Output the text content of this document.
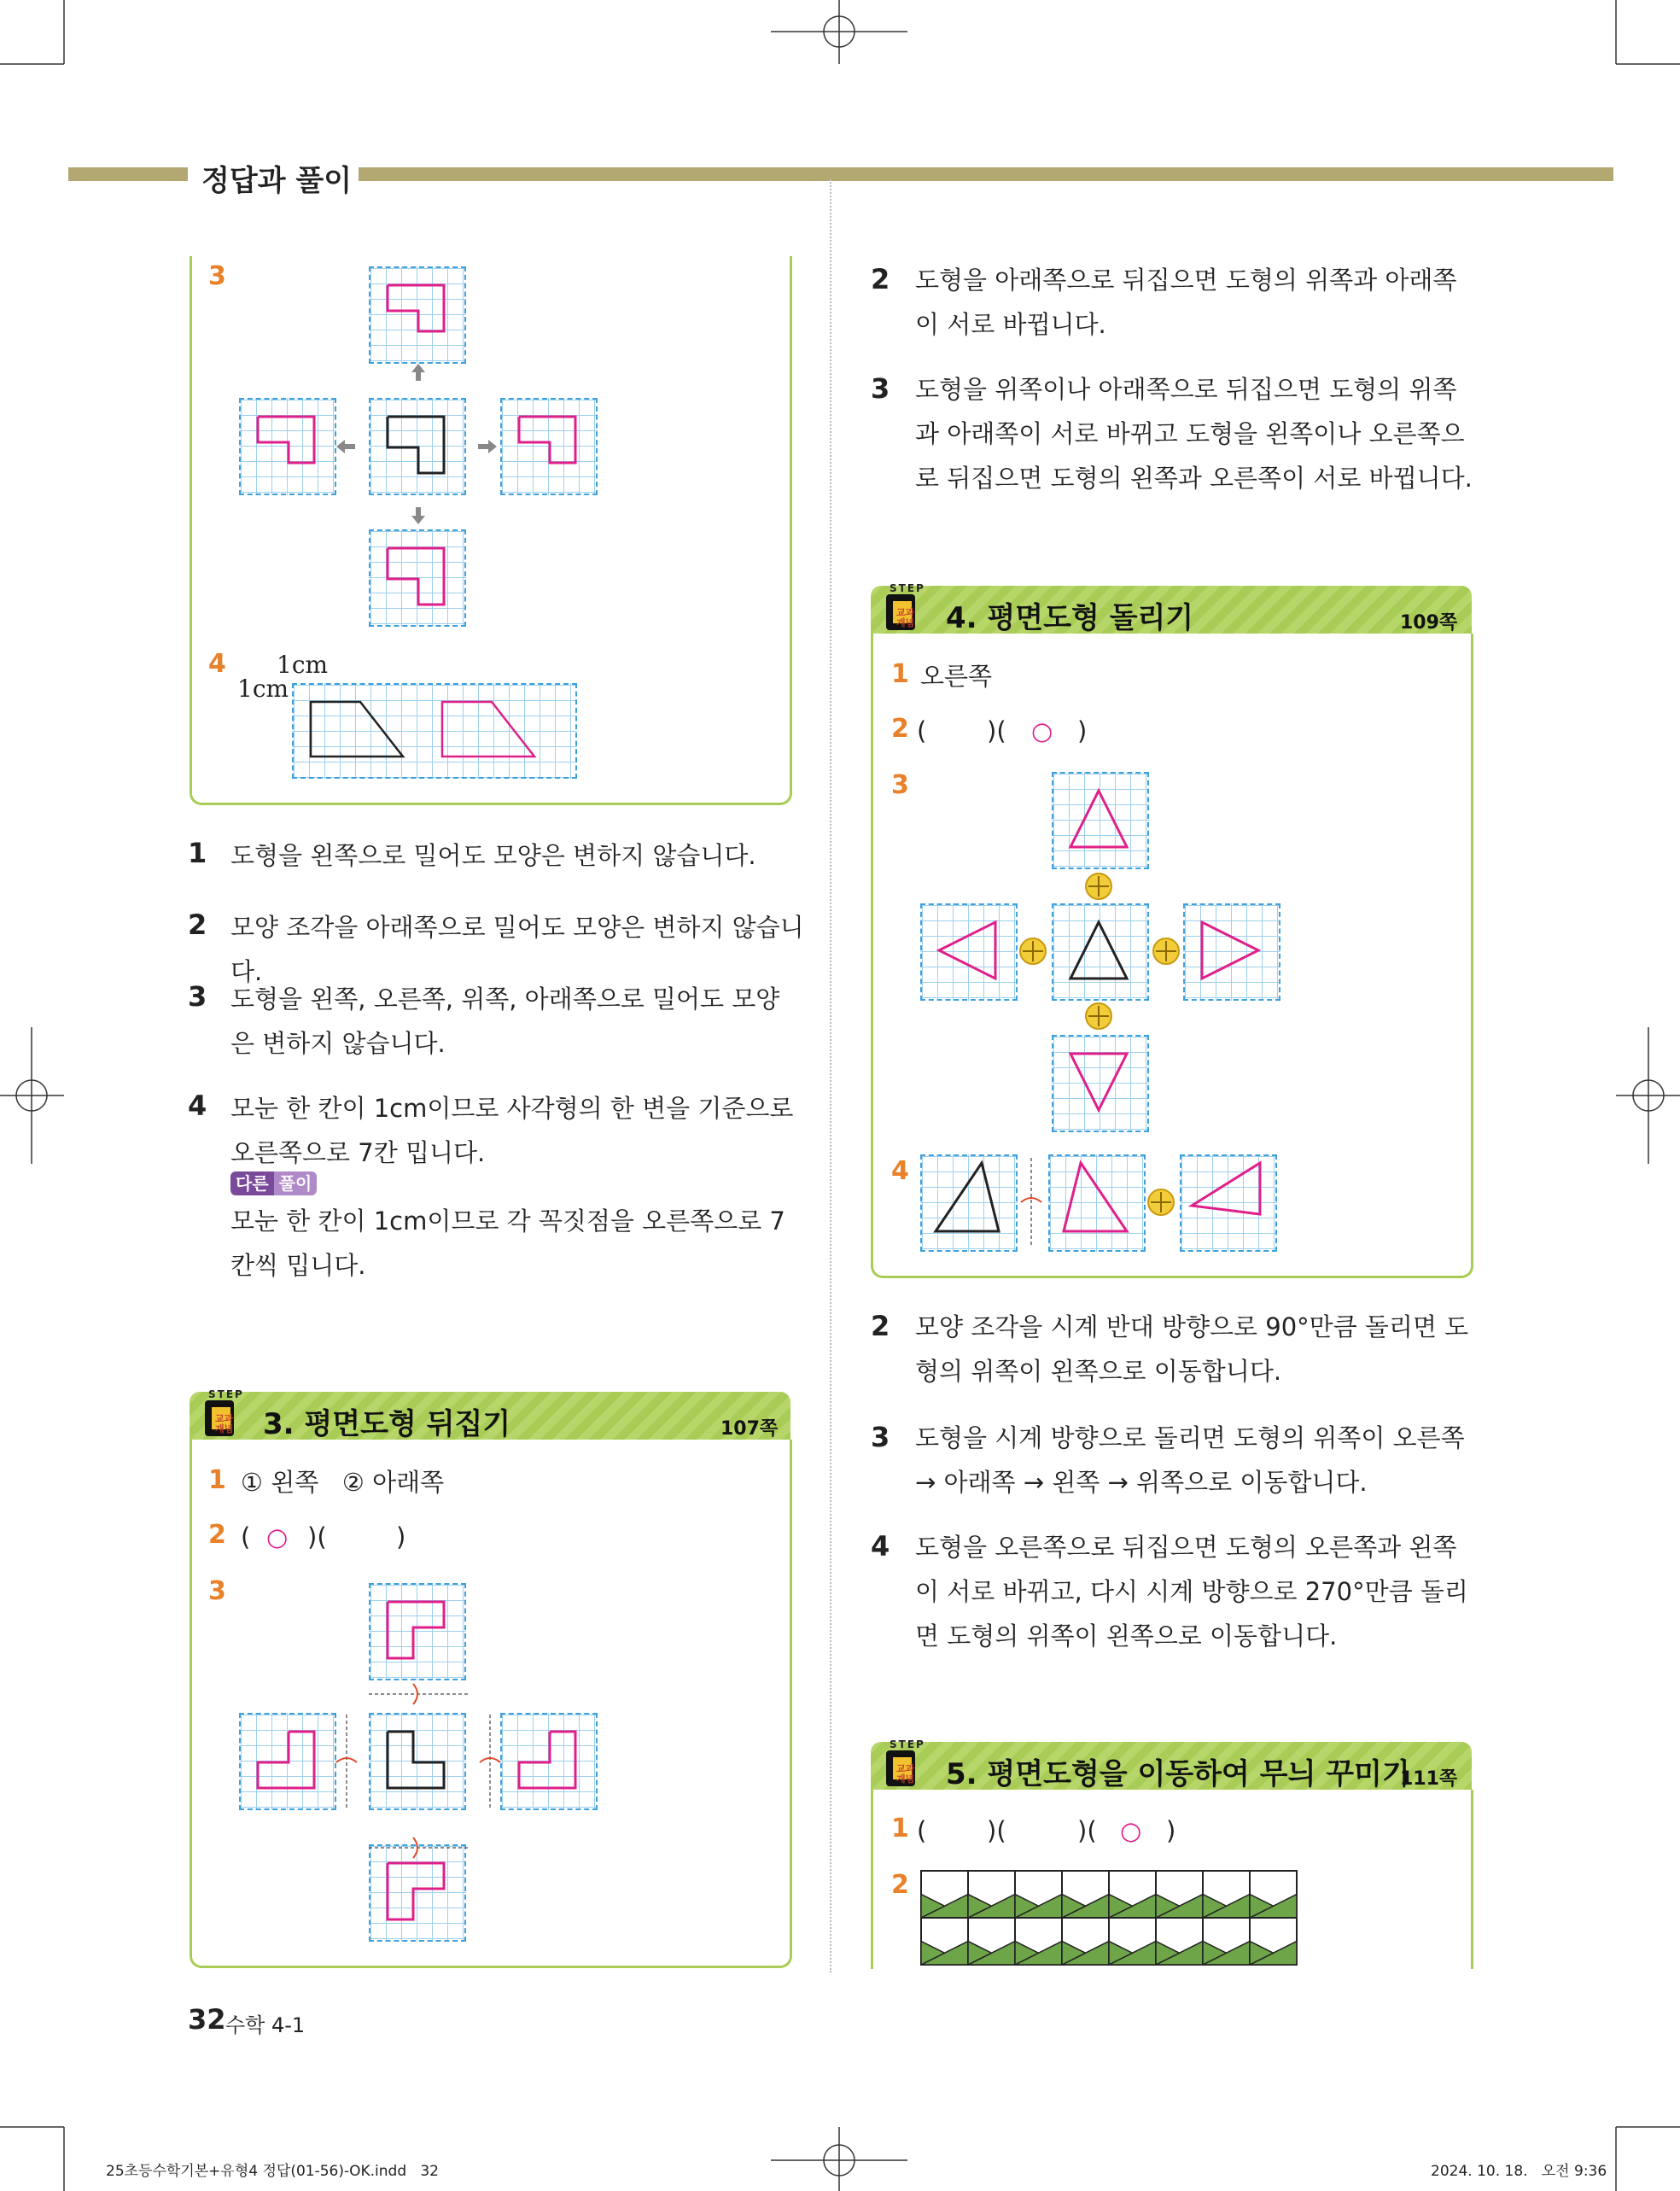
정답과 풀이
3
4 1cm
1cm
1 도형을 왼쪽으로 밀어도 모양은 변하지 않습니다.
2 모양 조각을 아래쪽으로 밀어도 모양은 변하지 않습니다.
3 도형을 왼쪽, 오른쪽, 위쪽, 아래쪽으로 밀어도 모양은 변하지 않습니다.
4 모눈 한 칸이 1cm이므로 사각형의 한 변을 기준으로 오른쪽으로 7칸 밉니다.
다른 풀이
모눈 한 칸이 1cm이므로 각 꼭짓점을 오른쪽으로 7칸씩 밉니다.
STEP
교과개념 3. 평면도형 뒤집기	107쪽
1 ① 왼쪽   ② 아래쪽
2 ( ○ )(	)
3
2 도형을 아래쪽으로 뒤집으면 도형의 위쪽과 아래쪽이 서로 바뀝니다.
3 도형을 위쪽이나 아래쪽으로 뒤집으면 도형의 위쪽과 아래쪽이 서로 바뀌고 도형을 왼쪽이나 오른쪽으로 뒤집으면 도형의 왼쪽과 오른쪽이 서로 바뀝니다.
STEP
교과개념 4. 평면도형 돌리기	109쪽
1 오른쪽
2 ( )( ○ )
3
4
2 모양 조각을 시계 반대 방향으로 90°만큼 돌리면 도형의 위쪽이 왼쪽으로 이동합니다.
3 도형을 시계 방향으로 돌리면 도형의 위쪽이 오른쪽 → 아래쪽 → 왼쪽 → 위쪽으로 이동합니다.
4 도형을 오른쪽으로 뒤집으면 도형의 오른쪽과 왼쪽이 서로 바뀌고, 다시 시계 방향으로 270°만큼 돌리면 도형의 위쪽이 왼쪽으로 이동합니다.
STEP
교과개념 5. 평면도형을 이동하여 무늬 꾸미기
111쪽
1 ( )(	)( ○ )
2
32 수학 4-1
25초등수학기본+유형4 정답(01-56)-OK.indd   32	2024. 10. 18.   오전 9:36
